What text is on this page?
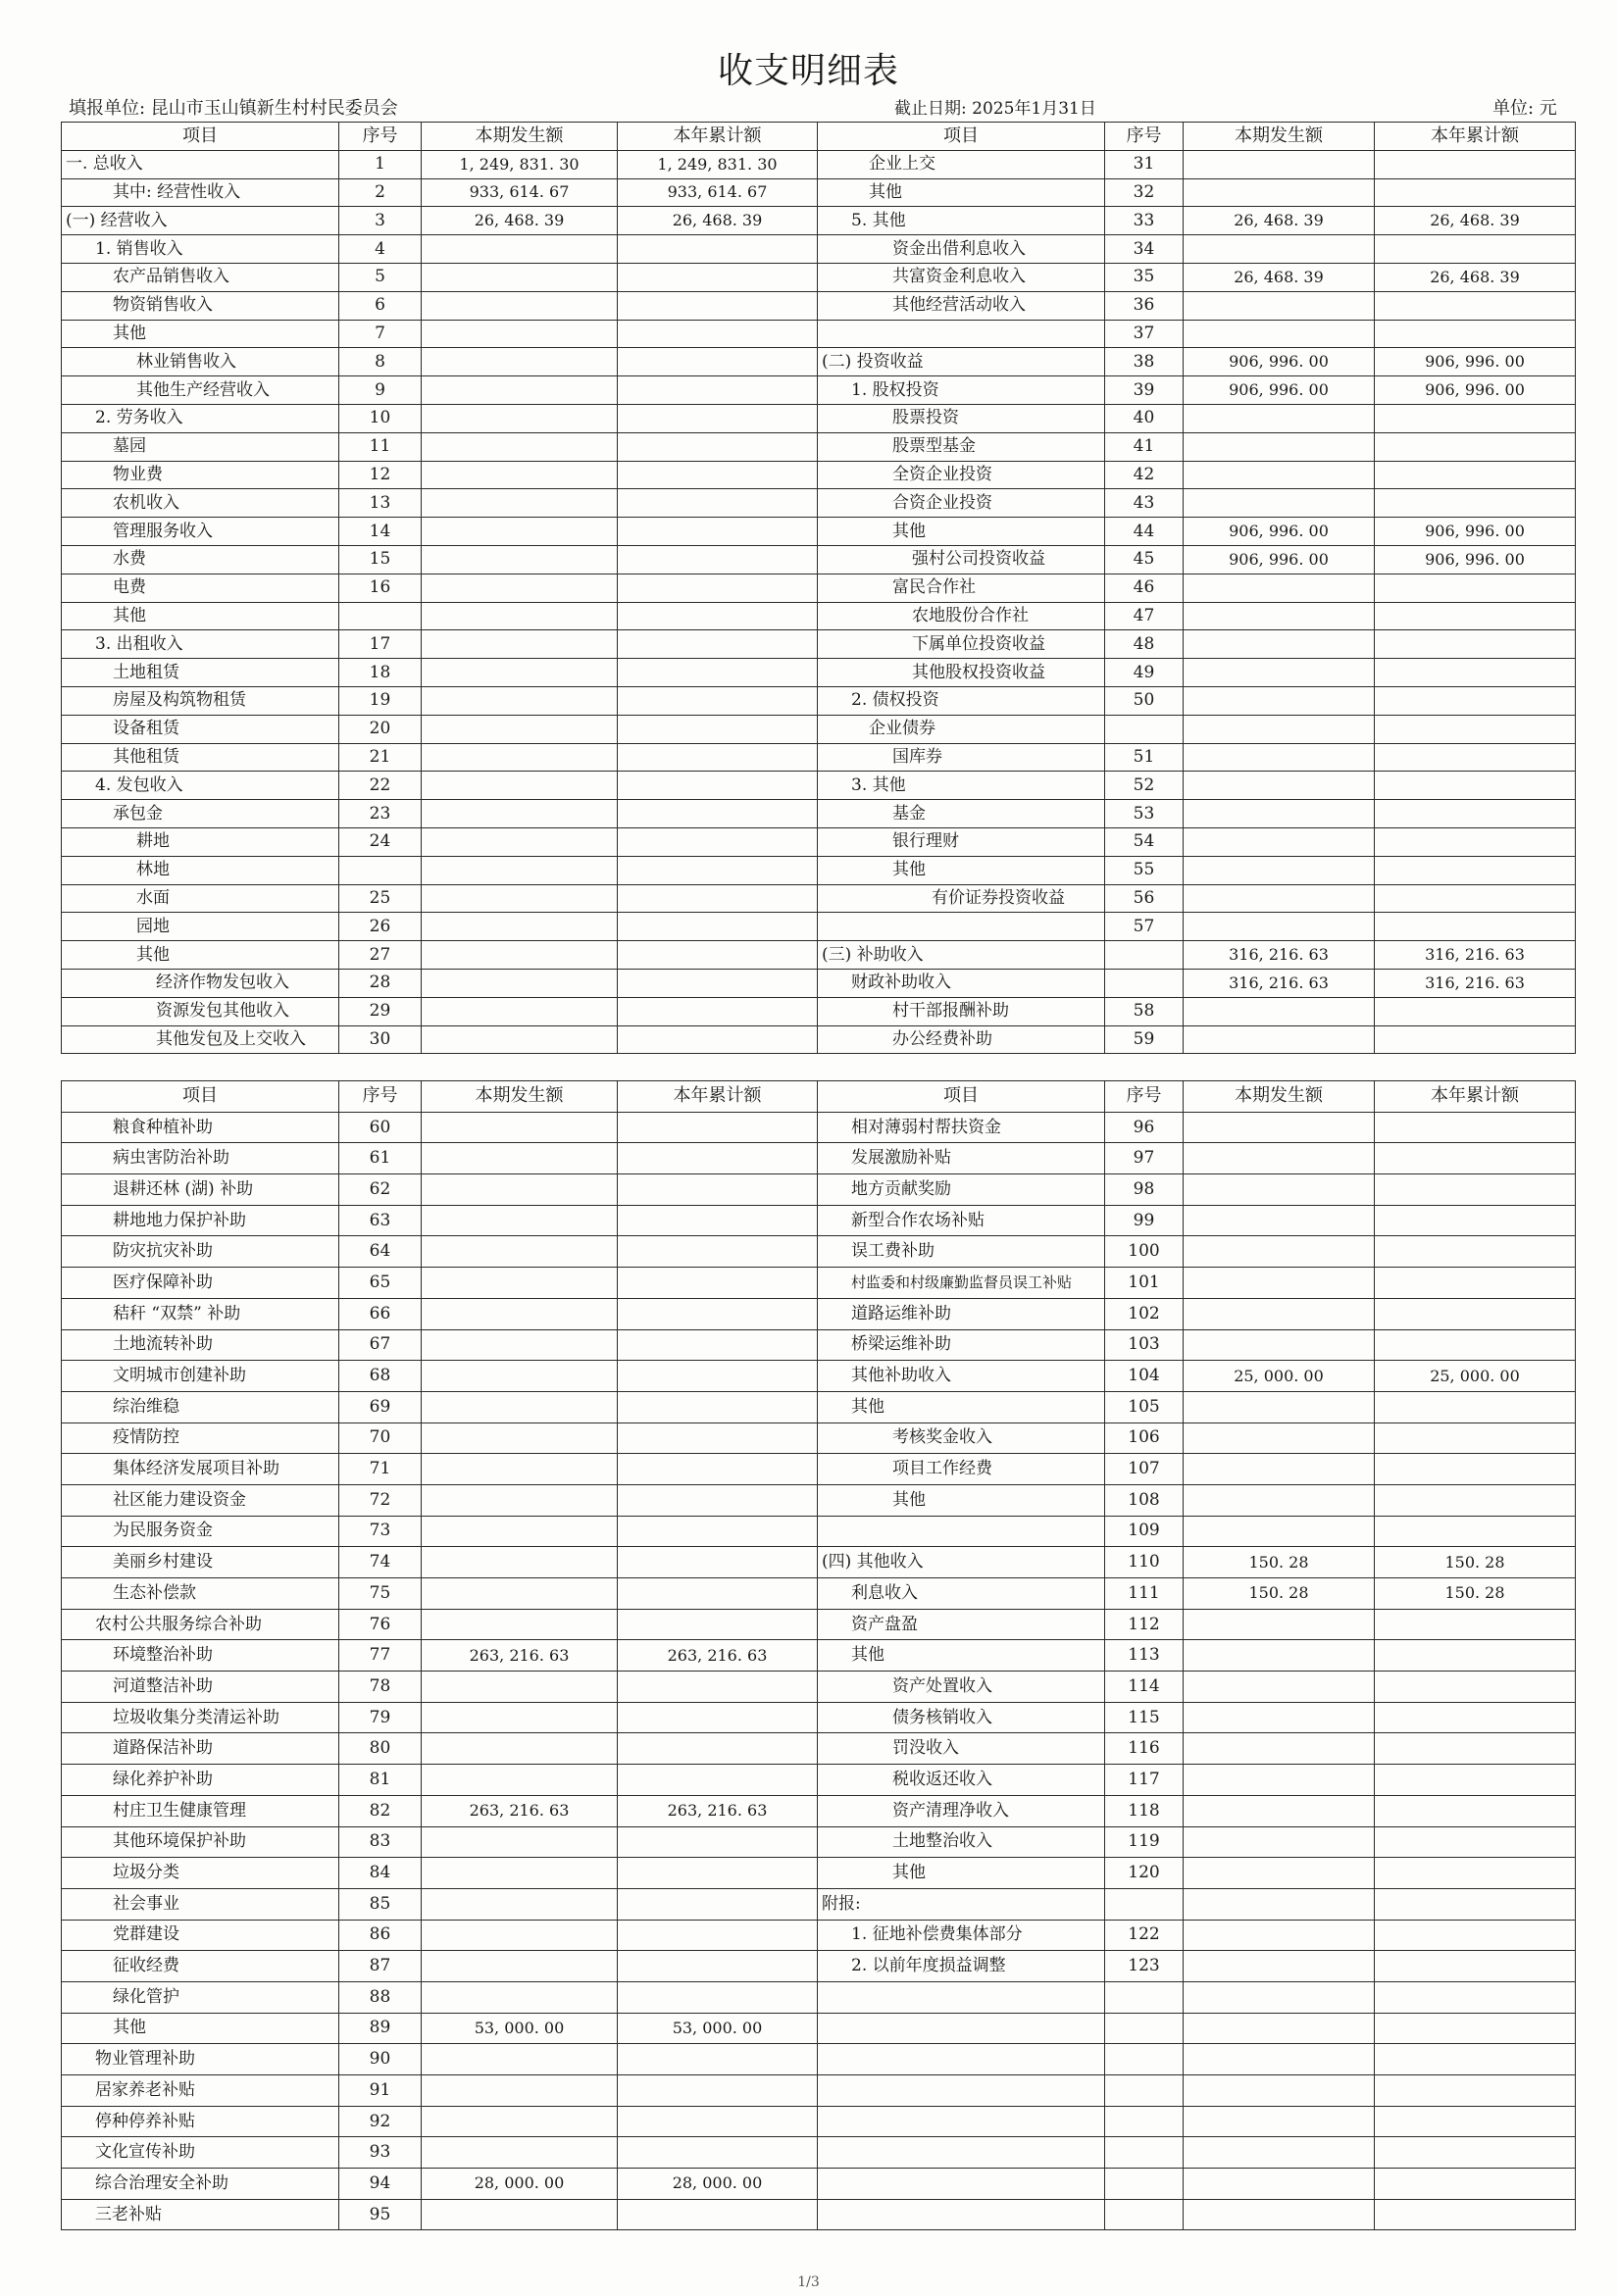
收支明细表
填报单位: 昆山市玉山镇新生村村民委员会	截止日期: 2025年1月31日	单位: 元
项目	序号	本期发生额	本年累计额	项目	序号	本期发生额	本年累计额
一. 总收入	1	1, 249, 831. 30	1, 249, 831. 30	企业上交	31		
其中: 经营性收入	2	933, 614. 67	933, 614. 67	其他	32		
(一) 经营收入	3	26, 468. 39	26, 468. 39	5. 其他	33	26, 468. 39	26, 468. 39
1. 销售收入	4			资金出借利息收入	34		
农产品销售收入	5			共富资金利息收入	35	26, 468. 39	26, 468. 39
物资销售收入	6			其他经营活动收入	36		
其他	7				37		
林业销售收入	8			(二) 投资收益	38	906, 996. 00	906, 996. 00
其他生产经营收入	9			1. 股权投资	39	906, 996. 00	906, 996. 00
2. 劳务收入	10			股票投资	40		
墓园	11			股票型基金	41		
物业费	12			全资企业投资	42		
农机收入	13			合资企业投资	43		
管理服务收入	14			其他	44	906, 996. 00	906, 996. 00
水费	15			强村公司投资收益	45	906, 996. 00	906, 996. 00
电费	16			富民合作社	46		
其他				农地股份合作社	47		
3. 出租收入	17			下属单位投资收益	48		
土地租赁	18			其他股权投资收益	49		
房屋及构筑物租赁	19			2. 债权投资	50		
设备租赁	20			企业债券			
其他租赁	21			国库券	51		
4. 发包收入	22			3. 其他	52		
承包金	23			基金	53		
耕地	24			银行理财	54		
林地				其他	55		
水面	25			有价证券投资收益	56		
园地	26				57		
其他	27			(三) 补助收入		316, 216. 63	316, 216. 63
经济作物发包收入	28			财政补助收入		316, 216. 63	316, 216. 63
资源发包其他收入	29			村干部报酬补助	58		
其他发包及上交收入	30			办公经费补助	59		
项目	序号	本期发生额	本年累计额	项目	序号	本期发生额	本年累计额
粮食种植补助	60			相对薄弱村帮扶资金	96		
病虫害防治补助	61			发展激励补贴	97		
退耕还林 (湖) 补助	62			地方贡献奖励	98		
耕地地力保护补助	63			新型合作农场补贴	99		
防灾抗灾补助	64			误工费补助	100		
医疗保障补助	65			村监委和村级廉勤监督员误工补贴	101		
秸秆 “双禁” 补助	66			道路运维补助	102		
土地流转补助	67			桥梁运维补助	103		
文明城市创建补助	68			其他补助收入	104	25, 000. 00	25, 000. 00
综治维稳	69			其他	105		
疫情防控	70			考核奖金收入	106		
集体经济发展项目补助	71			项目工作经费	107		
社区能力建设资金	72			其他	108		
为民服务资金	73				109		
美丽乡村建设	74			(四) 其他收入	110	150. 28	150. 28
生态补偿款	75			利息收入	111	150. 28	150. 28
农村公共服务综合补助	76			资产盘盈	112		
环境整治补助	77	263, 216. 63	263, 216. 63	其他	113		
河道整洁补助	78			资产处置收入	114		
垃圾收集分类清运补助	79			债务核销收入	115		
道路保洁补助	80			罚没收入	116		
绿化养护补助	81			税收返还收入	117		
村庄卫生健康管理	82	263, 216. 63	263, 216. 63	资产清理净收入	118		
其他环境保护补助	83			土地整治收入	119		
垃圾分类	84			其他	120		
社会事业	85			附报:			
党群建设	86			1. 征地补偿费集体部分	122		
征收经费	87			2. 以前年度损益调整	123		
绿化管护	88						
其他	89	53, 000. 00	53, 000. 00				
物业管理补助	90						
居家养老补贴	91						
停种停养补贴	92						
文化宣传补助	93						
综合治理安全补助	94	28, 000. 00	28, 000. 00				
三老补贴	95						
1/3
